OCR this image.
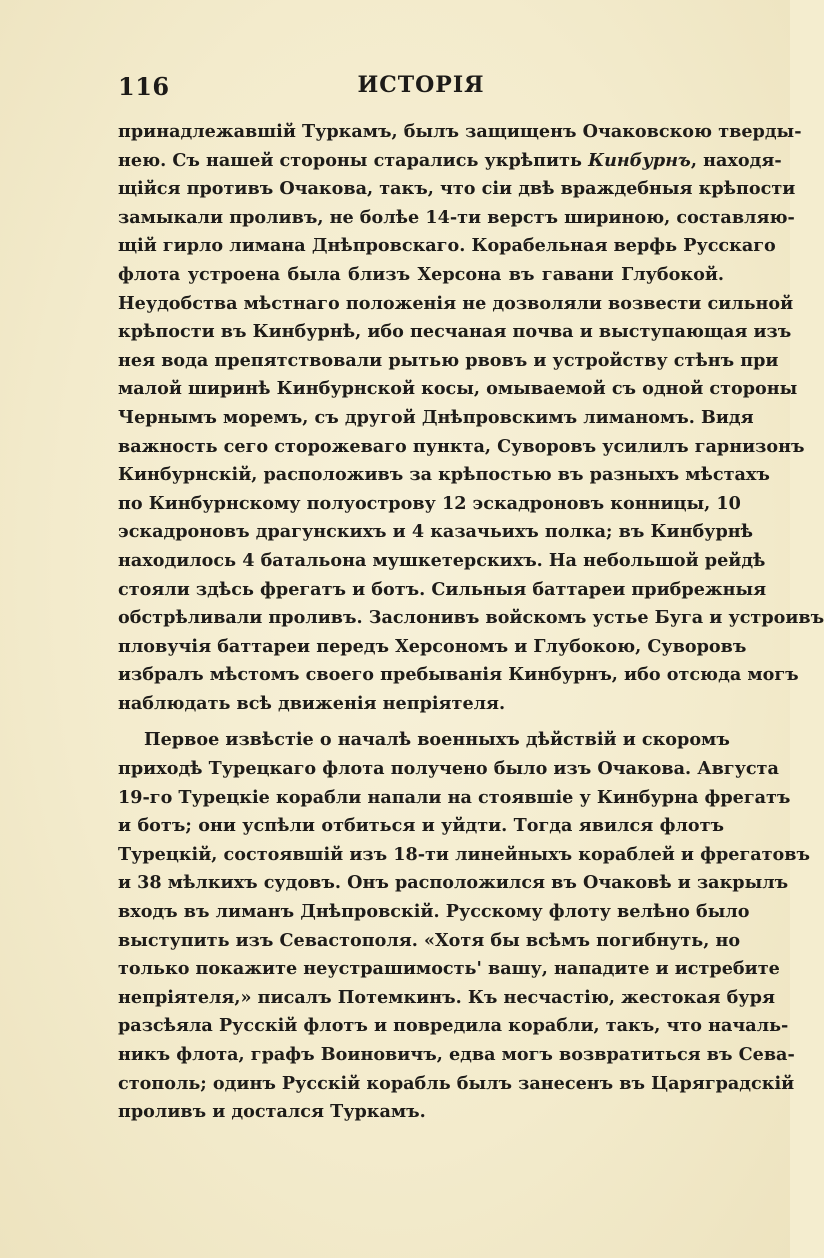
116	ИСТОРІЯ

принадлежавшій Туркамъ, былъ защищенъ Очаковскою тверды-
нею. Съ нашей стороны старались укрѣпить Кинбурнъ, находя-
щійся противъ Очакова, такъ, что сіи двѣ враждебныя крѣпости
замыкали проливъ, не болѣе 14-ти верстъ шириною, составляю-
щій гирло лимана Днѣпровскаго. Корабельная верфь Русскаго
флота устроена была близъ Херсона въ гавани Глубокой.
Неудобства мѣстнаго положенія не дозволяли возвести сильной
крѣпости въ Кинбурнѣ, ибо песчаная почва и выступающая изъ
нея вода препятствовали рытью рвовъ и устройству стѣнъ при
малой ширинѣ Кинбурнской косы, омываемой съ одной стороны
Чернымъ моремъ, съ другой Днѣпровскимъ лиманомъ. Видя
важность сего сторожеваго пункта, Суворовъ усилилъ гарнизонъ
Кинбурнскій, расположивъ за крѣпостью въ разныхъ мѣстахъ
по Кинбурнскому полуострову 12 эскадроновъ конницы, 10
эскадроновъ драгунскихъ и 4 казачьихъ полка; въ Кинбурнѣ
находилось 4 батальона мушкетерскихъ. На небольшой рейдѣ
стояли здѣсь фрегатъ и ботъ. Сильныя баттареи прибрежныя
обстрѣливали проливъ. Заслонивъ войскомъ устье Буга и устроивъ
пловучія баттареи передъ Херсономъ и Глубокою, Суворовъ
избралъ мѣстомъ своего пребыванія Кинбурнъ, ибо отсюда могъ
наблюдать всѣ движенія непріятеля.

Первое извѣстіе о началѣ военныхъ дѣйствій и скоромъ
приходѣ Турецкаго флота получено было изъ Очакова. Августа
19-го Турецкіе корабли напали на стоявшіе у Кинбурна фрегатъ
и ботъ; они успѣли отбиться и уйдти. Тогда явился флотъ
Турецкій, состоявшій изъ 18-ти линейныхъ кораблей и фрегатовъ
и 38 мѣлкихъ судовъ. Онъ расположился въ Очаковѣ и закрылъ
входъ въ лиманъ Днѣпровскій. Русскому флоту велѣно было
выступить изъ Севастополя. «Хотя бы всѣмъ погибнуть, но
только покажите неустрашимость' вашу, нападите и истребите
непріятеля,» писалъ Потемкинъ. Къ несчастію, жестокая буря
разсѣяла Русскій флотъ и повредила корабли, такъ, что началь-
никъ флота, графъ Воиновичъ, едва могъ возвратиться въ Сева-
стополь; одинъ Русскій корабль былъ занесенъ въ Царяградскій
проливъ и достался Туркамъ.
